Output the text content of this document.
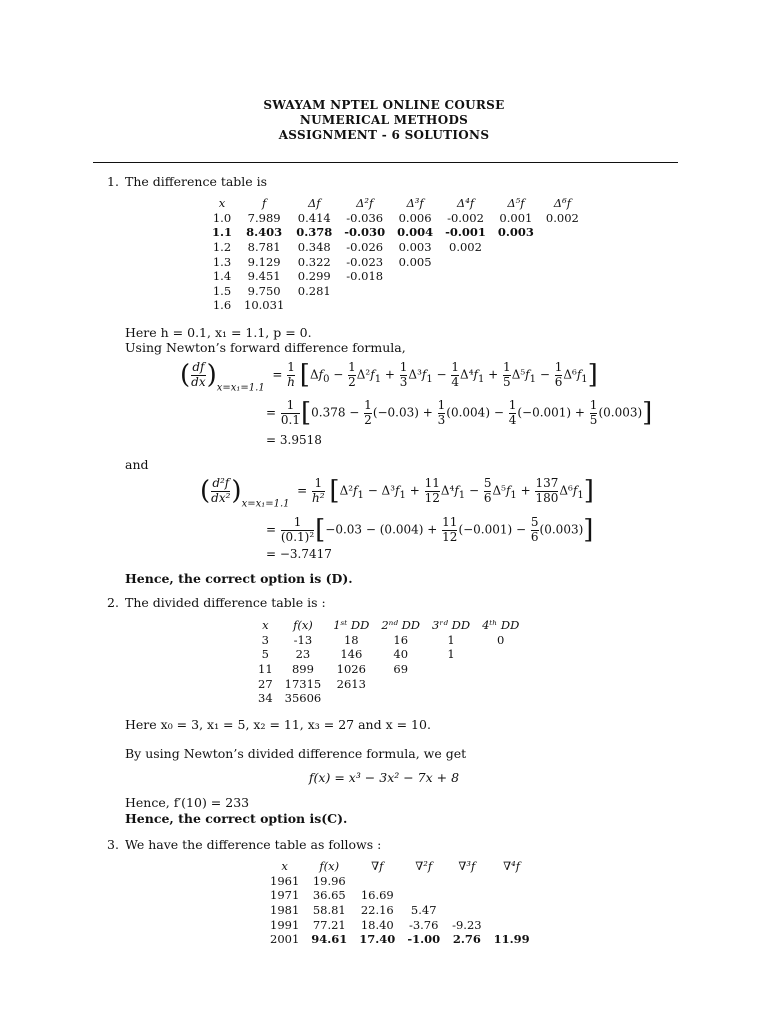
SWAYAM NPTEL ONLINE COURSE
NUMERICAL METHODS
ASSIGNMENT - 6 SOLUTIONS
1. The difference table is
x	f	Δf	Δ²f	Δ³f	Δ⁴f	Δ⁵f	Δ⁶f
1.0	7.989	0.414	-0.036	0.006	-0.002	0.001	0.002
1.1	8.403	0.378	-0.030	0.004	-0.001	0.003	
1.2	8.781	0.348	-0.026	0.003	0.002		
1.3	9.129	0.322	-0.023	0.005			
1.4	9.451	0.299	-0.018				
1.5	9.750	0.281					
1.6	10.031						
Here h = 0.1, x₁ = 1.1, p = 0.
Using Newton’s forward difference formula,
( $\frac{df}{dx} )_{x=x_1=1.1} = \frac{1}{h} [\Delta f_0 - \frac{1}{2} \Delta^2f_1 + \frac{1}{3} \Delta^3f_1 - \frac{1}{4} \Delta^4f_1 + \frac{1}{5} \Delta^5f_1 - \frac{1}{6} \Delta^6f_1]$
= $\frac{1}{0.1} [0.378 - \frac{1}{2} (-0.03) + \frac{1}{3} (0.004) - \frac{1}{4} (-0.001) + \frac{1}{5} (0.003)]$
= 3.9518
and
( $\frac{\text{d²f}}{\text{dx²}} )_{x=x_1=1.1} = \frac{1}{\text{h²}} [\Delta^2f_1 - \Delta^3f_1 + \frac{11}{12} \Delta^4f_1 - \frac{5}{6} \Delta^5f_1 + \frac{137}{180} \Delta^6f_1]$
= $\frac{1}{\text{(0.1)²}} [-0.03 - (0.004) + \frac{11}{12} (-0.001) - \frac{5}{6} (0.003)]$
= −3.7417
Hence, the correct option is (D).
2. The divided difference table is :
x	f(x)	1ˢᵗ DD	2ⁿᵈ DD	3ʳᵈ DD	4ᵗʰ DD
3	-13	18	16	1	0
5	23	146	40	1	
11	899	1026	69		
27	17315	2613			
34	35606				
Here x₀ = 3, x₁ = 5, x₂ = 11, x₃ = 27 and x = 10.
By using Newton’s divided difference formula, we get
f(x) = x³ − 3x² − 7x + 8
Hence, f′(10) = 233
Hence, the correct option is(C).
3. We have the difference table as follows :
x	f(x)	∇f	∇²f	∇³f	∇⁴f
1961	19.96				
1971	36.65	16.69			
1981	58.81	22.16	5.47		
1991	77.21	18.40	-3.76	-9.23	
2001	94.61	17.40	-1.00	2.76	11.99
